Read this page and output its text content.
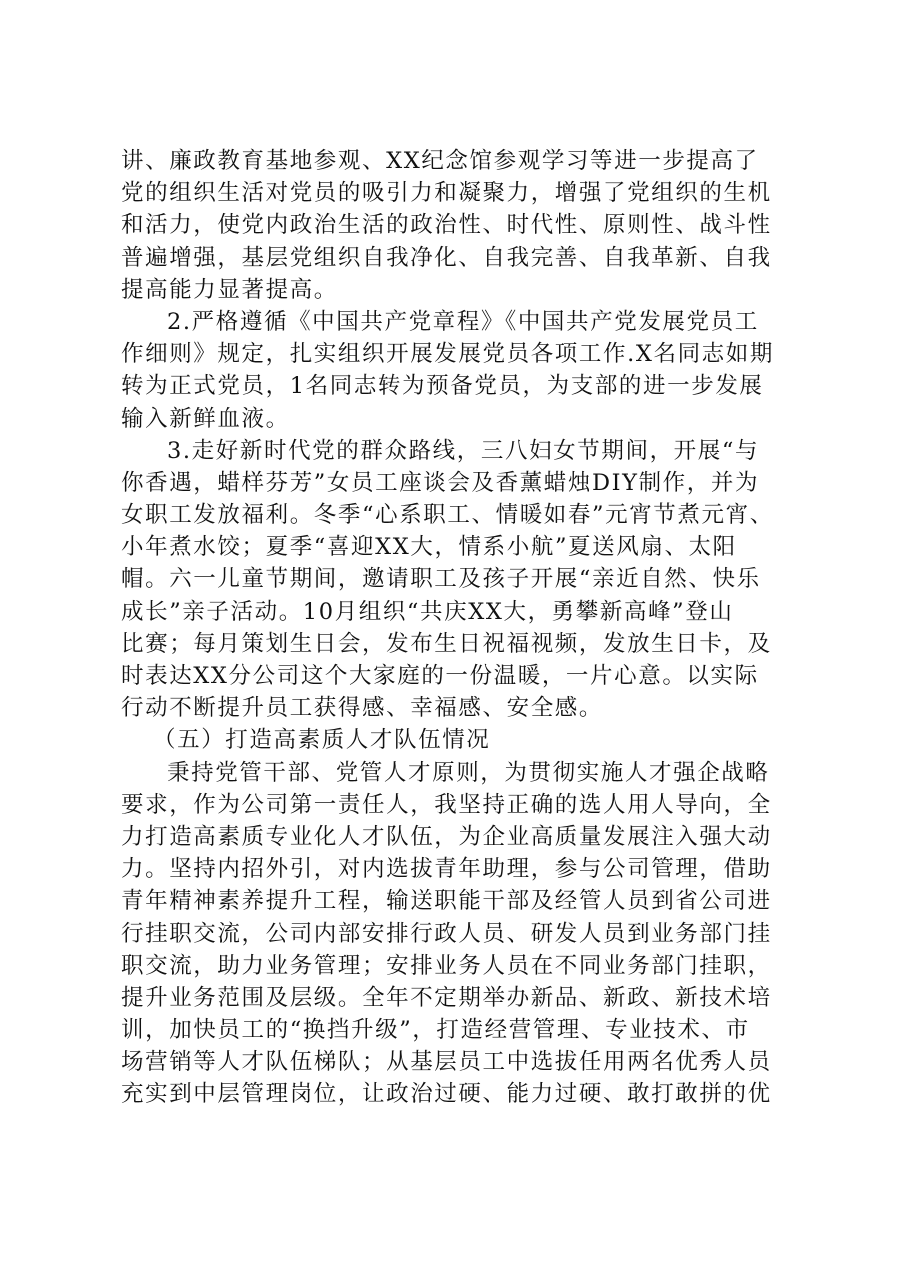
讲、廉政教育基地参观、XX纪念馆参观学习等进一步提高了
党的组织生活对党员的吸引力和凝聚力，增强了党组织的生机
和活力，使党内政治生活的政治性、时代性、原则性、战斗性
普遍增强，基层党组织自我净化、自我完善、自我革新、自我
提高能力显著提高。
2.严格遵循《中国共产党章程》《中国共产党发展党员工
作细则》规定，扎实组织开展发展党员各项工作.X名同志如期
转为正式党员，1名同志转为预备党员，为支部的进一步发展
输入新鲜血液。
3.走好新时代党的群众路线，三八妇女节期间，开展“与
你香遇，蜡样芬芳”女员工座谈会及香薰蜡烛DIY制作，并为
女职工发放福利。冬季“心系职工、情暖如春”元宵节煮元宵、
小年煮水饺；夏季“喜迎XX大，情系小航”夏送风扇、太阳
帽。六一儿童节期间，邀请职工及孩子开展“亲近自然、快乐
成长”亲子活动。10月组织“共庆XX大，勇攀新高峰”登山
比赛；每月策划生日会，发布生日祝福视频，发放生日卡，及
时表达XX分公司这个大家庭的一份温暖，一片心意。以实际
行动不断提升员工获得感、幸福感、安全感。
（五）打造高素质人才队伍情况
秉持党管干部、党管人才原则，为贯彻实施人才强企战略
要求，作为公司第一责任人，我坚持正确的选人用人导向，全
力打造高素质专业化人才队伍，为企业高质量发展注入强大动
力。坚持内招外引，对内选拔青年助理，参与公司管理，借助
青年精神素养提升工程，输送职能干部及经管人员到省公司进
行挂职交流，公司内部安排行政人员、研发人员到业务部门挂
职交流，助力业务管理；安排业务人员在不同业务部门挂职，
提升业务范围及层级。全年不定期举办新品、新政、新技术培
训，加快员工的“换挡升级”，打造经营管理、专业技术、市
场营销等人才队伍梯队；从基层员工中选拔任用两名优秀人员
充实到中层管理岗位，让政治过硬、能力过硬、敢打敢拼的优
